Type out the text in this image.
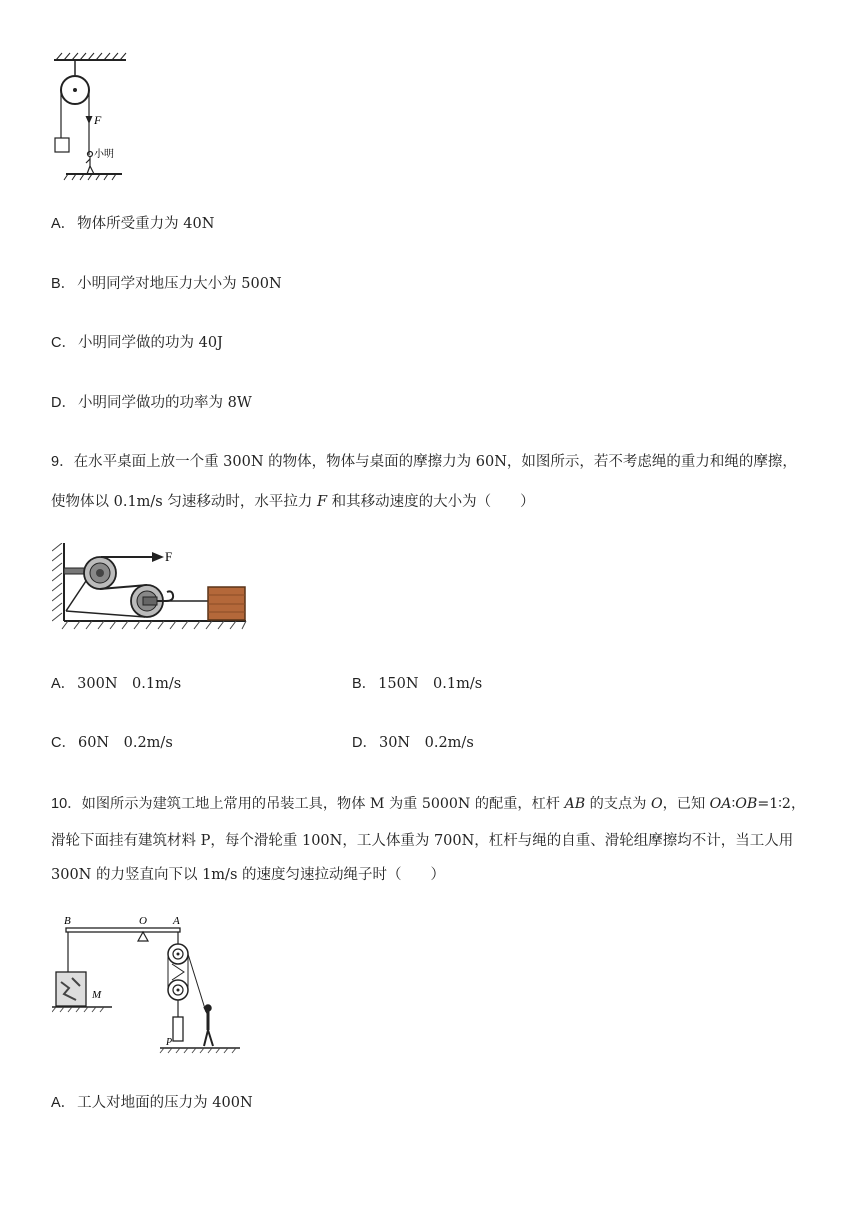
F
小明
A． 物体所受重力为 40N
B． 小明同学对地压力大小为 500N
C． 小明同学做的功为 40J
D． 小明同学做功的功率为 8W
9．在水平桌面上放一个重 300N 的物体，物体与桌面的摩擦力为 60N，如图所示，若不考虑绳的重力和绳的摩擦，
使物体以 0.1m/s 匀速移动时，水平拉力 F 和其移动速度的大小为（　　）
F
A． 300N　0.1m/s	B． 150N　0.1m/s
C． 60N　0.2m/s	D． 30N　0.2m/s
10．如图所示为建筑工地上常用的吊装工具，物体 M 为重 5000N 的配重，杠杆 AB 的支点为 O，已知 OA∶OB=1∶2，
滑轮下面挂有建筑材料 P，每个滑轮重 100N，工人体重为 700N，杠杆与绳的自重、滑轮组摩擦均不计，当工人用
300N 的力竖直向下以 1m/s 的速度匀速拉动绳子时（　　）
B	O A
M
P
A． 工人对地面的压力为 400N
